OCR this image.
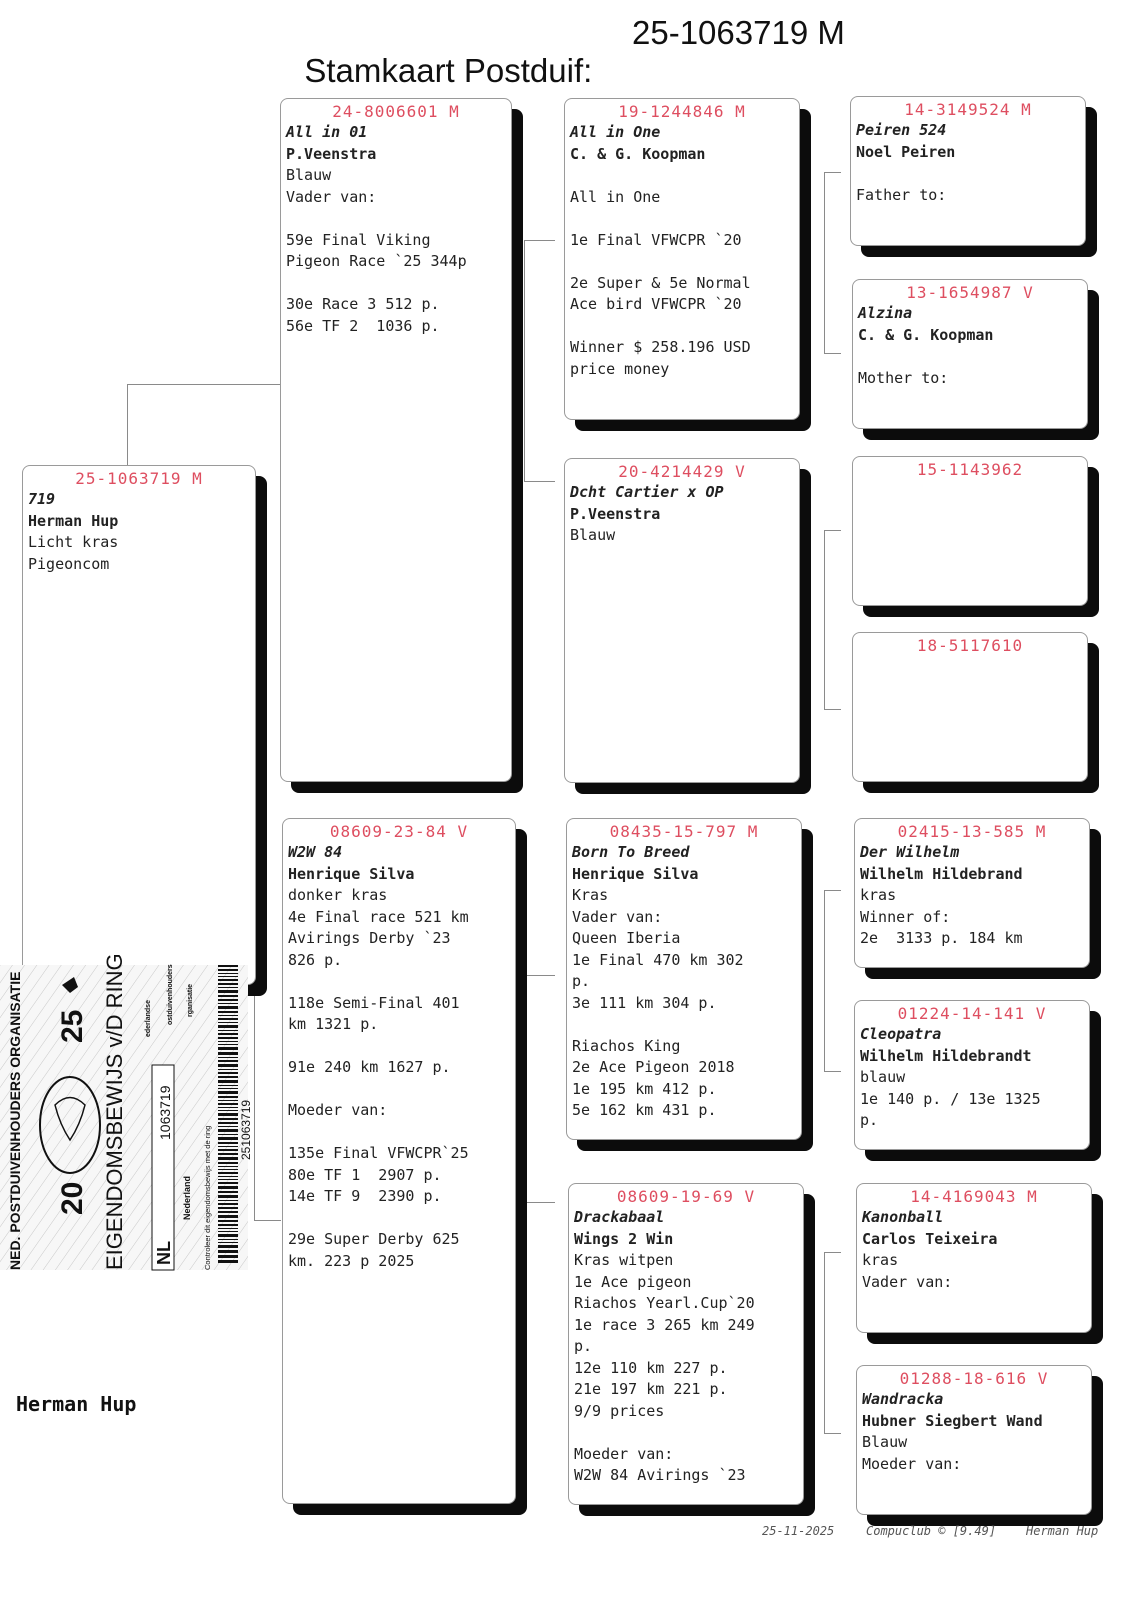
Stamkaart Postduif:

25-1063719 M

25-1063719 M
719
Herman Hup
Licht kras
Pigeoncom
24-8006601 M
All in 01
P.Veenstra
Blauw
Vader van:

59e Final Viking
Pigeon Race `25 344p

30e Race 3 512 p.
56e TF 2  1036 p.
08609-23-84 V
W2W 84
Henrique Silva
donker kras
4e Final race 521 km
Avirings Derby `23
826 p.

118e Semi-Final 401
km 1321 p.

91e 240 km 1627 p.

Moeder van:

135e Final VFWCPR`25
80e TF 1  2907 p.
14e TF 9  2390 p.

29e Super Derby 625
km. 223 p 2025
19-1244846 M
All in One
C. & G. Koopman

All in One

1e Final VFWCPR `20

2e Super & 5e Normal
Ace bird VFWCPR `20

Winner $ 258.196 USD
price money
20-4214429 V
Dcht Cartier x OP
P.Veenstra
Blauw
08435-15-797 M
Born To Breed
Henrique Silva
Kras
Vader van:
Queen Iberia
1e Final 470 km 302
p.
3e 111 km 304 p.

Riachos King
2e Ace Pigeon 2018
1e 195 km 412 p.
5e 162 km 431 p.
08609-19-69 V
Drackabaal
Wings 2 Win
Kras witpen
1e Ace pigeon
Riachos Yearl.Cup`20
1e race 3 265 km 249
p.
12e 110 km 227 p.
21e 197 km 221 p.
9/9 prices

Moeder van:
W2W 84 Avirings `23
14-3149524 M
Peiren 524
Noel Peiren

Father to:
13-1654987 V
Alzina
C. & G. Koopman

Mother to:
15-1143962
18-5117610
02415-13-585 M
Der Wilhelm
Wilhelm Hildebrand
kras
Winner of:
2e  3133 p. 184 km
01224-14-141 V
Cleopatra
Wilhelm Hildebrandt
blauw
1e 140 p. / 13e 1325
p.
14-4169043 M
Kanonball
Carlos Teixeira
kras
Vader van:
01288-18-616 V
Wandracka
Hubner Siegbert Wand
Blauw
Moeder van:
NED. POSTDUIVENHOUDERS ORGANISATIE	EIGENDOMSBEWIJS v/D RING
20
25
NL
1063719
Nederland Controleer dit eigendomsbewijs met de ring
ederlandse ostduivenhouders rganisatie
251063719
Herman Hup
25-11-2025	Compuclub © [9.49] Herman Hup
